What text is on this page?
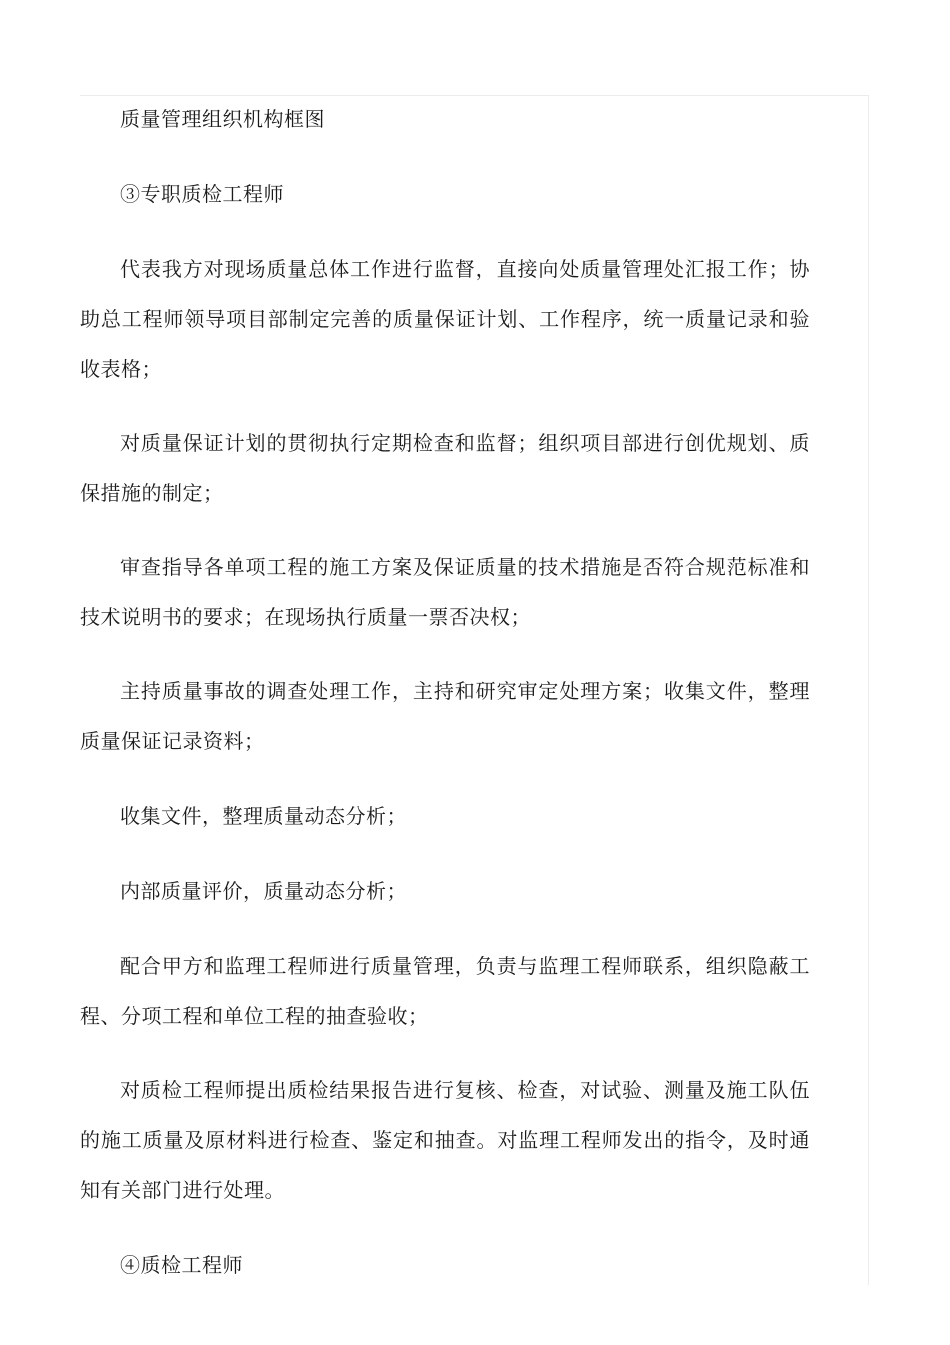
质量管理组织机构框图

③专职质检工程师

代表我方对现场质量总体工作进行监督，直接向处质量管理处汇报工作；协助总工程师领导项目部制定完善的质量保证计划、工作程序，统一质量记录和验收表格；

对质量保证计划的贯彻执行定期检查和监督；组织项目部进行创优规划、质保措施的制定；

审查指导各单项工程的施工方案及保证质量的技术措施是否符合规范标准和技术说明书的要求；在现场执行质量一票否决权；

主持质量事故的调查处理工作，主持和研究审定处理方案；收集文件，整理质量保证记录资料；

收集文件，整理质量动态分析；

内部质量评价，质量动态分析；

配合甲方和监理工程师进行质量管理，负责与监理工程师联系，组织隐蔽工程、分项工程和单位工程的抽查验收；

对质检工程师提出质检结果报告进行复核、检查，对试验、测量及施工队伍的施工质量及原材料进行检查、鉴定和抽查。对监理工程师发出的指令，及时通知有关部门进行处理。

④质检工程师
